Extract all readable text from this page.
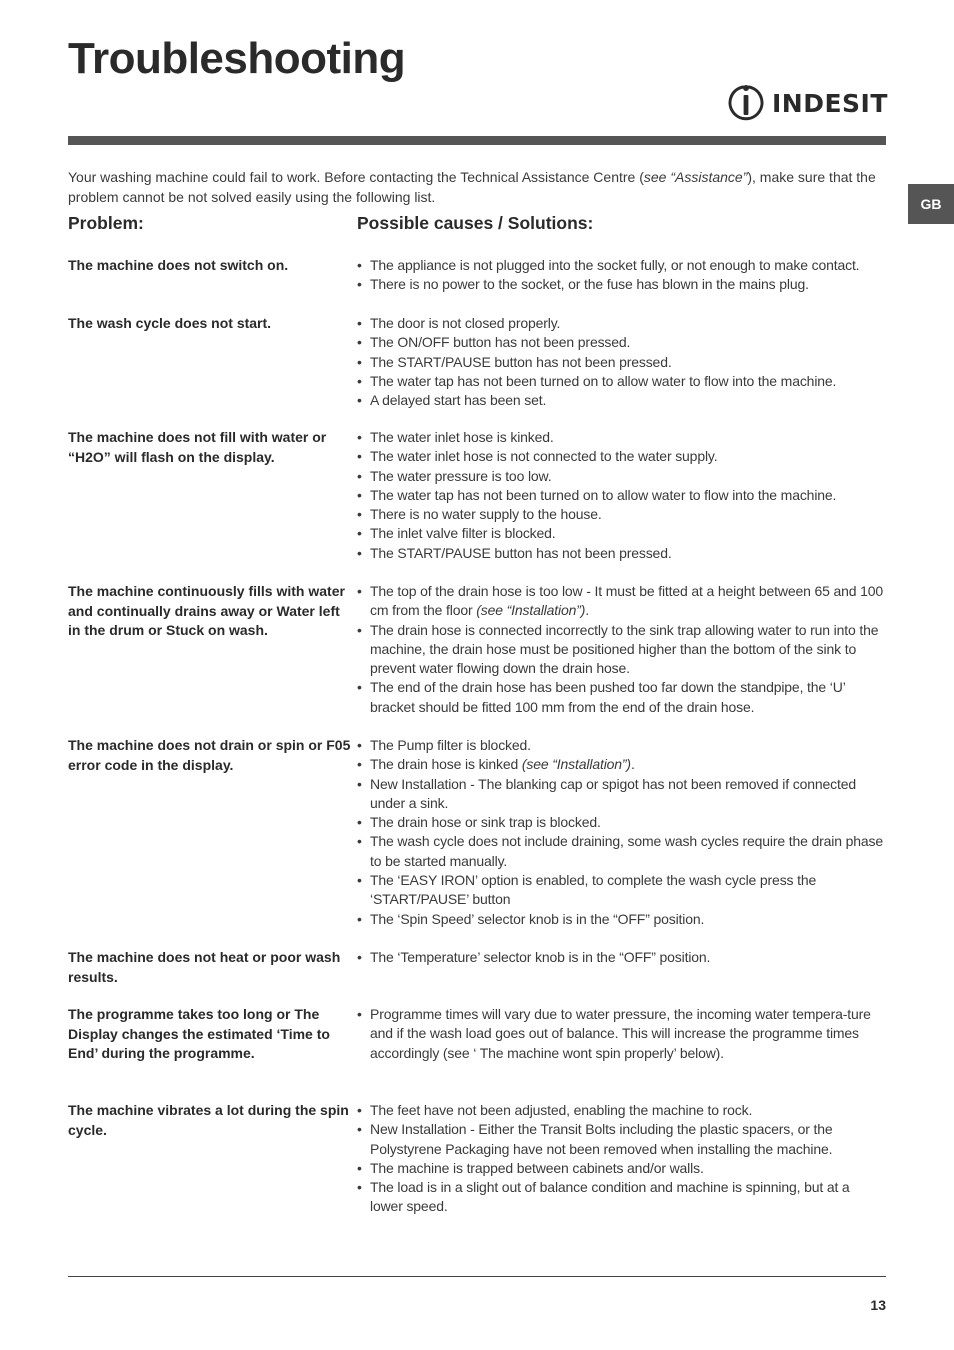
Troubleshooting
INDESIT
GB

Your washing machine could fail to work. Before contacting the Technical Assistance Centre (see “Assistance”), make sure that the problem cannot be not solved easily using the following list.

Problem:	Possible causes / Solutions:

The machine does not switch on.	• The appliance is not plugged into the socket fully, or not enough to make contact.
• There is no power to the socket, or the fuse has blown in the mains plug.

The wash cycle does not start.	• The door is not closed properly.
• The ON/OFF button has not been pressed.
• The START/PAUSE button has not been pressed.
• The water tap has not been turned on to allow water to flow into the machine.
• A delayed start has been set.

The machine does not fill with water or “H2O” will flash on the display.

• The water inlet hose is kinked.
• The water inlet hose is not connected to the water supply.
• The water pressure is too low.
• The water tap has not been turned on to allow water to flow into the machine.
• There is no water supply to the house.
• The inlet valve filter is blocked.
• The START/PAUSE button has not been pressed.

The machine continuously fills with water and continually drains away or Water left in the drum or Stuck on wash.

• The top of the drain hose is too low - It must be fitted at a height between 65 and 100 cm from the floor (see “Installation”).
• The drain hose is connected incorrectly to the sink trap allowing water to run into the machine, the drain hose must be positioned higher than the bottom of the sink to prevent water flowing down the drain hose.
• The end of the drain hose has been pushed too far down the standpipe, the ‘U’ bracket should be fitted 100 mm from the end of the drain hose.

The machine does not drain or spin or F05 error code in the display.

• The Pump filter is blocked.
• The drain hose is kinked (see “Installation”).
• New Installation - The blanking cap or spigot has not been removed if connected under a sink.
• The drain hose or sink trap is blocked.
• The wash cycle does not include draining, some wash cycles require the drain phase to be started manually.
• The ‘EASY IRON’ option is enabled, to complete the wash cycle press the ‘START/PAUSE’ button
• The ‘Spin Speed’ selector knob is in the “OFF” position.

The machine does not heat or poor wash results.

• The ‘Temperature’ selector knob is in the “OFF” position.

The programme takes too long or The Display changes the estimated ‘Time to End’ during the programme.

• Programme times will vary due to water pressure, the incoming water tempera-ture and if the wash load goes out of balance. This will increase the programme times accordingly (see ‘ The machine wont spin properly’ below).

The machine vibrates a lot during the spin cycle.

• The feet have not been adjusted, enabling the machine to rock.
• New Installation - Either the Transit Bolts including the plastic spacers, or the Polystyrene Packaging have not been removed when installing the machine.
• The machine is trapped between cabinets and/or walls.
• The load is in a slight out of balance condition and machine is spinning, but at a lower speed.
13
